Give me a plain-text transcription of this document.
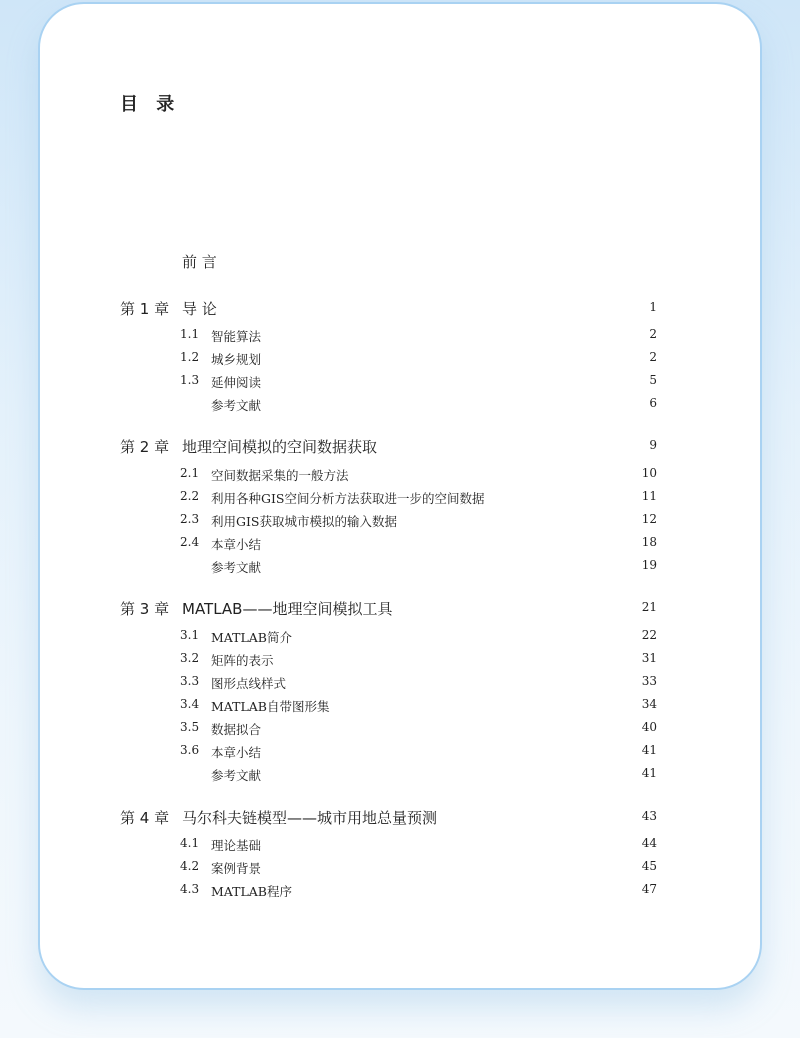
目 录
前 言
第 1 章 导 论	1
1.1 智能算法	2
1.2 城乡规划	2
1.3 延伸阅读	5
参考文献	6
第 2 章 地理空间模拟的空间数据获取	9
2.1 空间数据采集的一般方法	10
2.2 利用各种GIS空间分析方法获取进一步的空间数据	11
2.3 利用GIS获取城市模拟的输入数据	12
2.4 本章小结	18
参考文献	19
第 3 章 MATLAB——地理空间模拟工具	21
3.1 MATLAB简介	22
3.2 矩阵的表示	31
3.3 图形点线样式	33
3.4 MATLAB自带图形集	34
3.5 数据拟合	40
3.6 本章小结	41
参考文献	41
第 4 章 马尔科夫链模型——城市用地总量预测	43
4.1 理论基础	44
4.2 案例背景	45
4.3 MATLAB程序	47
